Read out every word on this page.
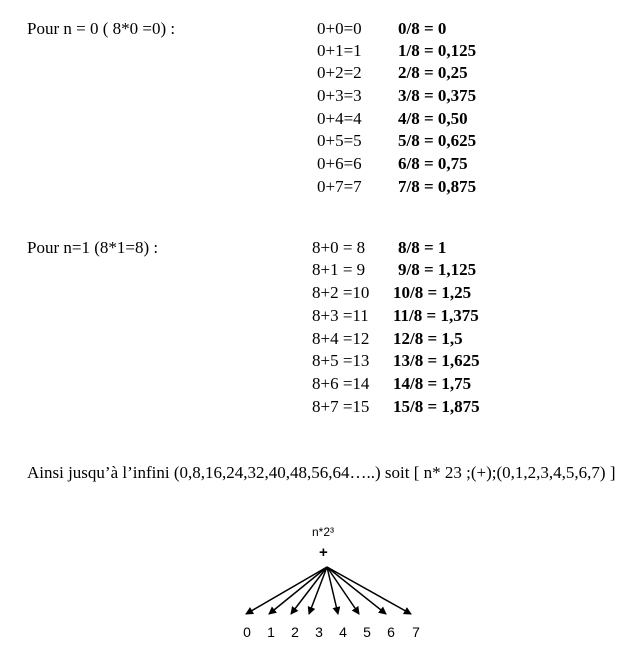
Pour n = 0 ( 8*0 =0) :	0+0=0
0+1=1
0+2=2
0+3=3
0+4=4
0+5=5
0+6=6
0+7=7
0/8 = 0
1/8 = 0,125
2/8 = 0,25
3/8 = 0,375
4/8 = 0,50
5/8 = 0,625
6/8 = 0,75
7/8 = 0,875
Pour n=1 (8*1=8) :	8+0 = 8
8+1 = 9
8+2 =10
8+3 =11
8+4 =12
8+5 =13
8+6 =14
8+7 =15
8/8 = 1
9/8 = 1,125
10/8 = 1,25
11/8 = 1,375
12/8 = 1,5
13/8 = 1,625
14/8 = 1,75
15/8 = 1,875
Ainsi jusqu’à l’infini (0,8,16,24,32,40,48,56,64…..) soit [ n* 23 ;(+);(0,1,2,3,4,5,6,7) ]
n*2³
+
0 1 2 3 4 5 6 7
